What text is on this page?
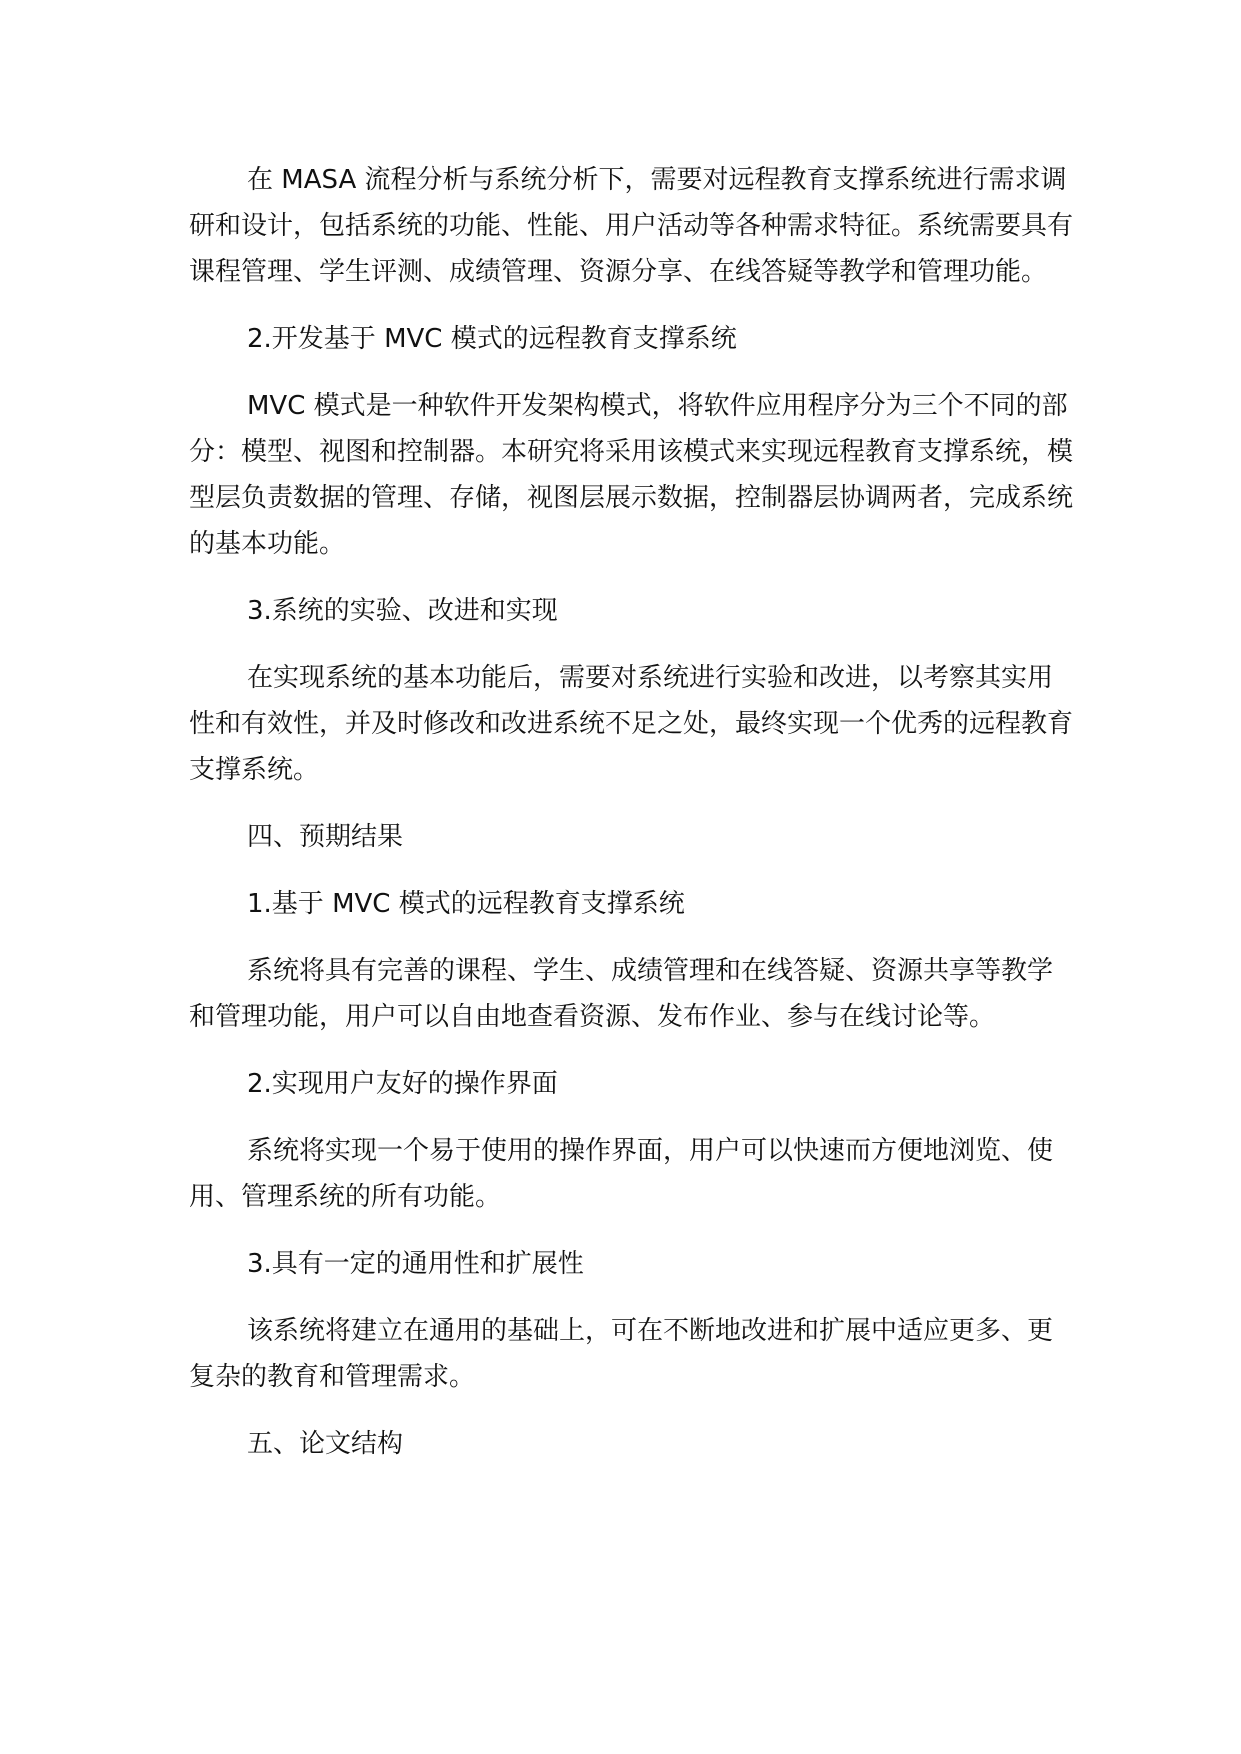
在 MASA 流程分析与系统分析下，需要对远程教育支撑系统进行需求调研和设计，包括系统的功能、性能、用户活动等各种需求特征。系统需要具有课程管理、学生评测、成绩管理、资源分享、在线答疑等教学和管理功能。

2.开发基于 MVC 模式的远程教育支撑系统

MVC 模式是一种软件开发架构模式，将软件应用程序分为三个不同的部分：模型、视图和控制器。本研究将采用该模式来实现远程教育支撑系统，模型层负责数据的管理、存储，视图层展示数据，控制器层协调两者，完成系统的基本功能。

3.系统的实验、改进和实现

在实现系统的基本功能后，需要对系统进行实验和改进，以考察其实用性和有效性，并及时修改和改进系统不足之处，最终实现一个优秀的远程教育支撑系统。

四、预期结果

1.基于 MVC 模式的远程教育支撑系统

系统将具有完善的课程、学生、成绩管理和在线答疑、资源共享等教学和管理功能，用户可以自由地查看资源、发布作业、参与在线讨论等。

2.实现用户友好的操作界面

系统将实现一个易于使用的操作界面，用户可以快速而方便地浏览、使用、管理系统的所有功能。

3.具有一定的通用性和扩展性

该系统将建立在通用的基础上，可在不断地改进和扩展中适应更多、更复杂的教育和管理需求。

五、论文结构
